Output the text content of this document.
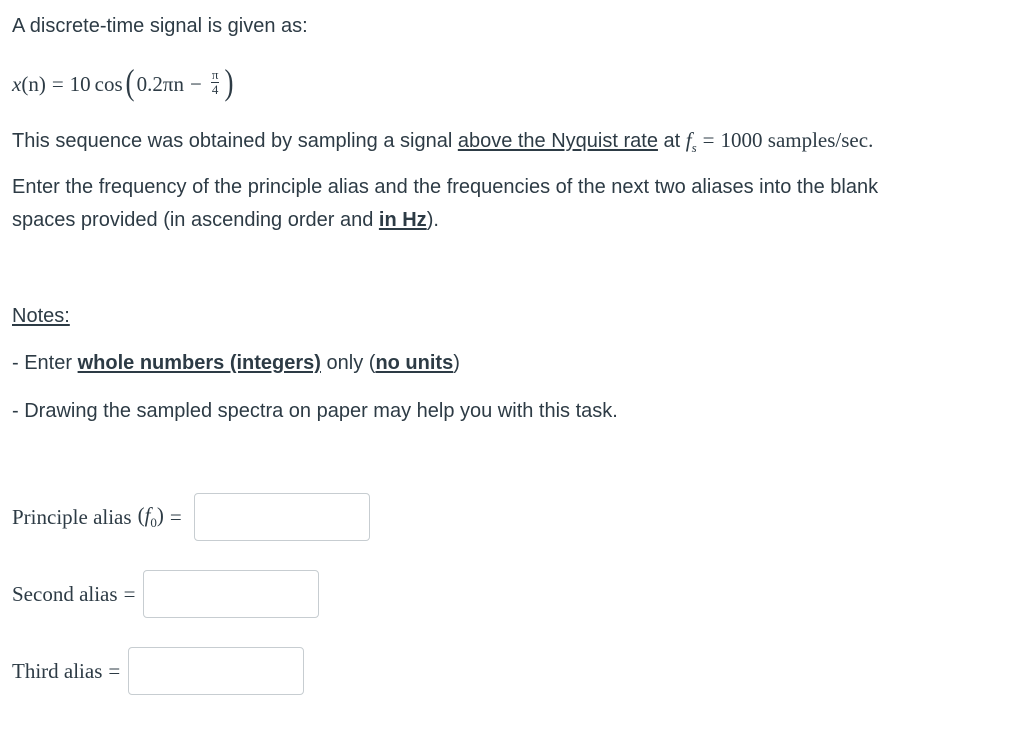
A discrete-time signal is given as:
x (n) = 10 cos ( $0.2\pi n - \frac{\pi}{4}$ )
This sequence was obtained by sampling a signal
above the Nyquist rate
at
$f_s = 1000$ samples/sec.
Enter the frequency of the principle alias and the frequencies of the next two aliases into the blank
spaces provided (in ascending order and in Hz).
Notes:
- Enter whole numbers (integers) only (no units)
- Drawing the sampled spectra on paper may help you with this task.
Principle alias $(f_0)$ =
Second alias =
Third alias =
